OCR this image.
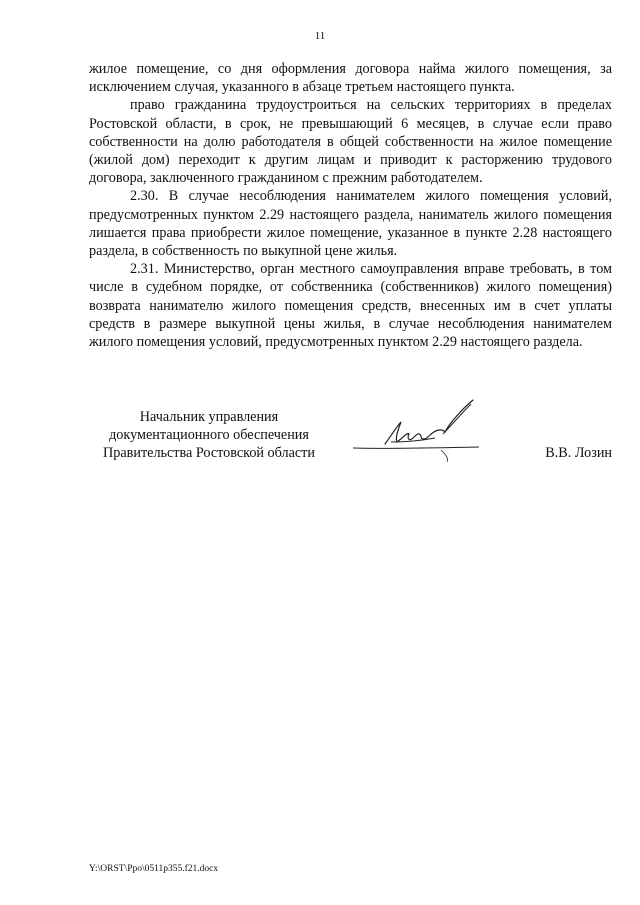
11

жилое помещение, со дня оформления договора найма жилого помещения, за исключением случая, указанного в абзаце третьем настоящего пункта.

право гражданина трудоустроиться на сельских территориях в пределах Ростовской области, в срок, не превышающий 6 месяцев, в случае если право собственности на долю работодателя в общей собственности на жилое помещение (жилой дом) переходит к другим лицам и приводит к расторжению трудового договора, заключенного гражданином с прежним работодателем.

2.30. В случае несоблюдения нанимателем жилого помещения условий, предусмотренных пунктом 2.29 настоящего раздела, наниматель жилого помещения лишается права приобрести жилое помещение, указанное в пункте 2.28 настоящего раздела, в собственность по выкупной цене жилья.

2.31. Министерство, орган местного самоуправления вправе требовать, в том числе в судебном порядке, от собственника (собственников) жилого помещения) возврата нанимателю жилого помещения средств, внесенных им в счет уплаты средств в размере выкупной цены жилья, в случае несоблюдения нанимателем жилого помещения условий, предусмотренных пунктом 2.29 настоящего раздела.

Начальник управления
документационного обеспечения
Правительства Ростовской области	В.В. Лозин
Y:\ORST\Ppo\0511p355.f21.docx
